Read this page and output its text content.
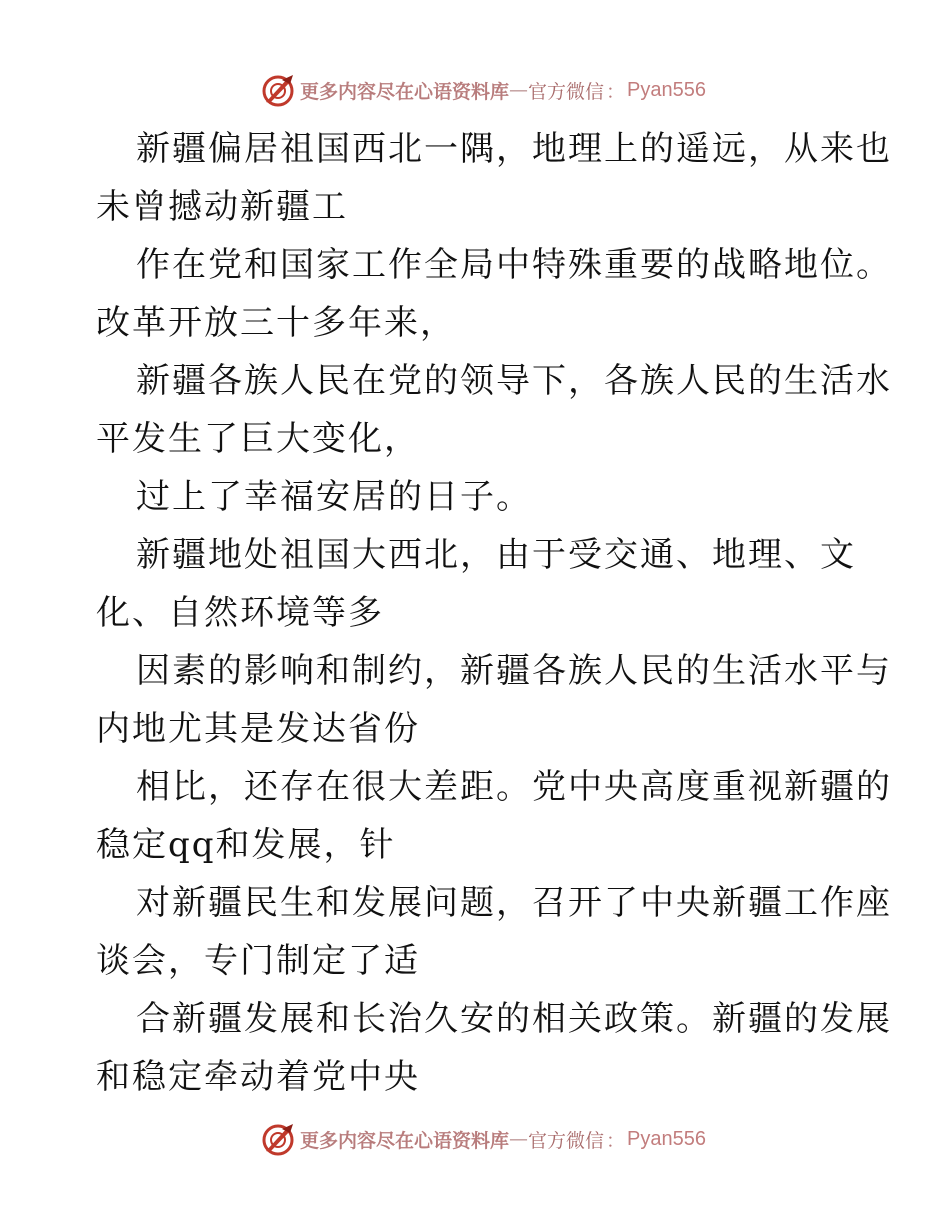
更多内容尽在心语资料库 — 官方微信 ： Pyan556
新疆偏居祖国西北一隅，地理上的遥远，从来也
未曾撼动新疆工
作在党和国家工作全局中特殊重要的战略地位。
改革开放三十多年来，
新疆各族人民在党的领导下，各族人民的生活水
平发生了巨大变化，
过上了幸福安居的日子。
新疆地处祖国大西北，由于受交通、地理、文
化、自然环境等多
因素的影响和制约，新疆各族人民的生活水平与
内地尤其是发达省份
相比，还存在很大差距。党中央高度重视新疆的
稳定qq和发展，针
对新疆民生和发展问题，召开了中央新疆工作座
谈会，专门制定了适
合新疆发展和长治久安的相关政策。新疆的发展
和稳定牵动着党中央
更多内容尽在心语资料库 — 官方微信 ： Pyan556
